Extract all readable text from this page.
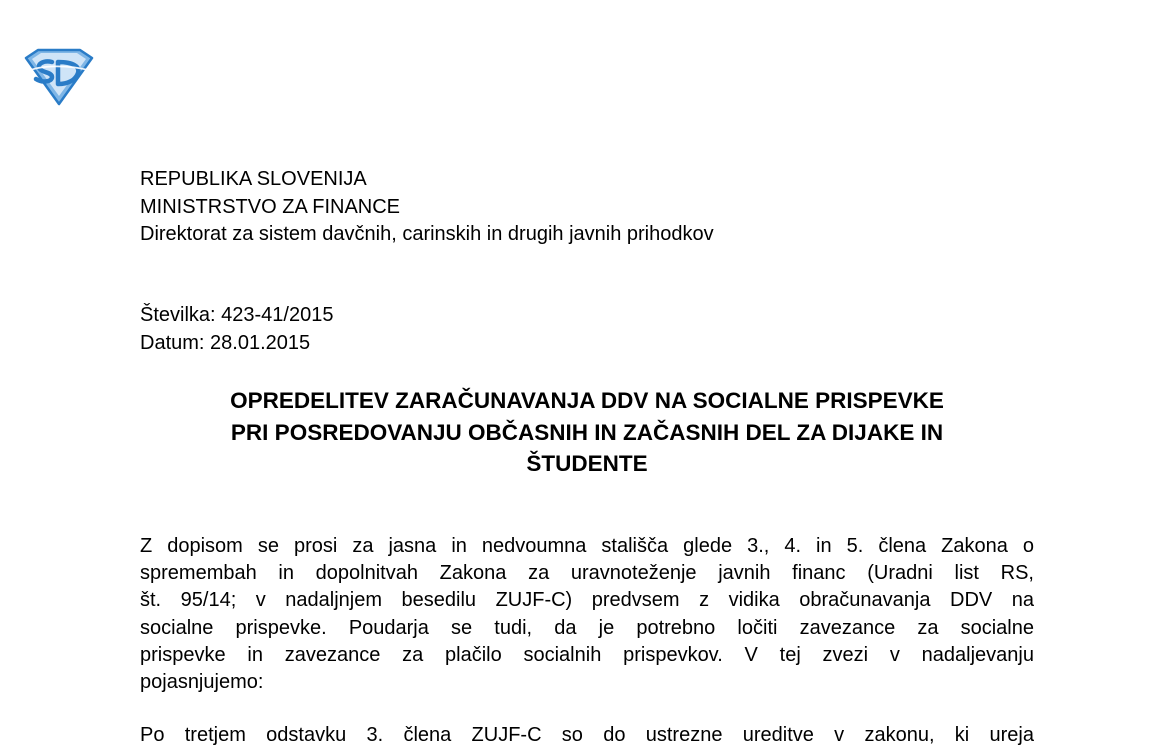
REPUBLIKA SLOVENIJA
MINISTRSTVO ZA FINANCE
Direktorat za sistem davčnih, carinskih in drugih javnih prihodkov
Številka: 423-41/2015
Datum: 28.01.2015
OPREDELITEV ZARAČUNAVANJA DDV NA SOCIALNE PRISPEVKE
PRI POSREDOVANJU OBČASNIH IN ZAČASNIH DEL ZA DIJAKE IN
ŠTUDENTE
Z dopisom se prosi za jasna in nedvoumna stališča glede 3., 4. in 5. člena Zakona o
spremembah in dopolnitvah Zakona za uravnoteženje javnih financ (Uradni list RS,
št. 95/14; v nadaljnjem besedilu ZUJF-C) predvsem z vidika obračunavanja DDV na
socialne prispevke. Poudarja se tudi, da je potrebno ločiti zavezance za socialne
prispevke in zavezance za plačilo socialnih prispevkov. V tej zvezi v nadaljevanju
pojasnjujemo:
Po tretjem odstavku 3. člena ZUJF-C so do ustrezne ureditve v zakonu, ki ureja
